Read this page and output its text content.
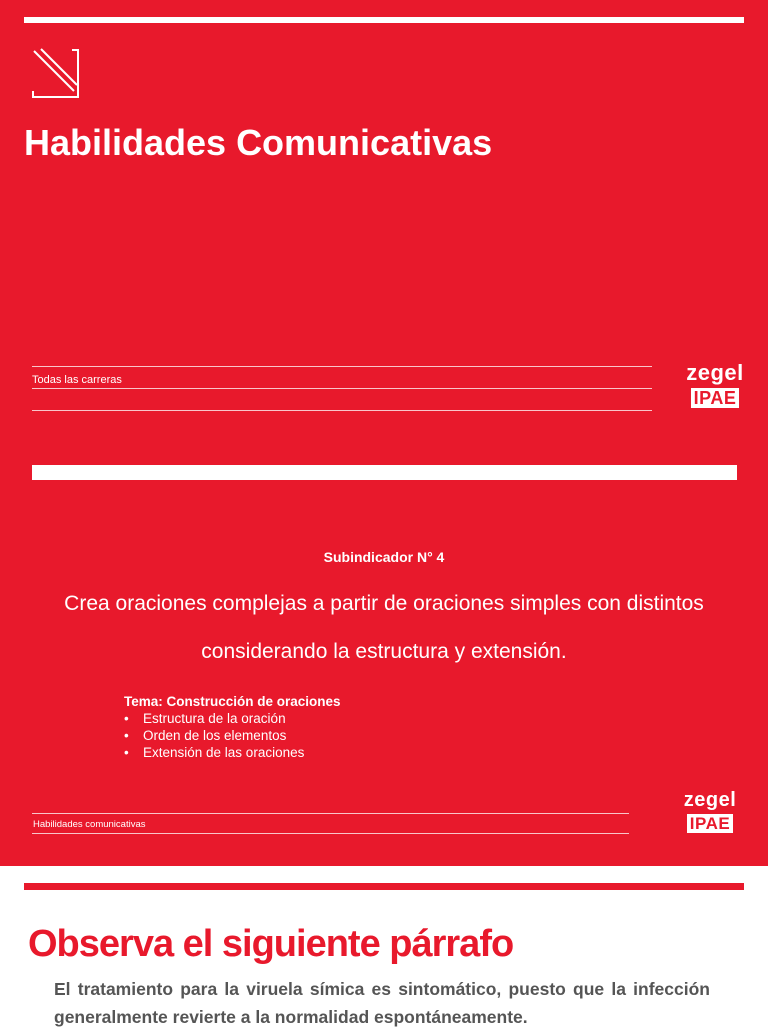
Habilidades Comunicativas
Todas las carreras	zegel
IPAE
Subindicador N° 4

Crea oraciones complejas a partir de oraciones simples con distintos considerando la estructura y extensión.

Tema: Construcción de oraciones

• Estructura de la oración
• Orden de los elementos
• Extensión de las oraciones
Habilidades comunicativas
zegel
IPAE
Observa el siguiente párrafo

El tratamiento para la viruela símica es sintomático, puesto que la infección generalmente revierte a la normalidad espontáneamente.
